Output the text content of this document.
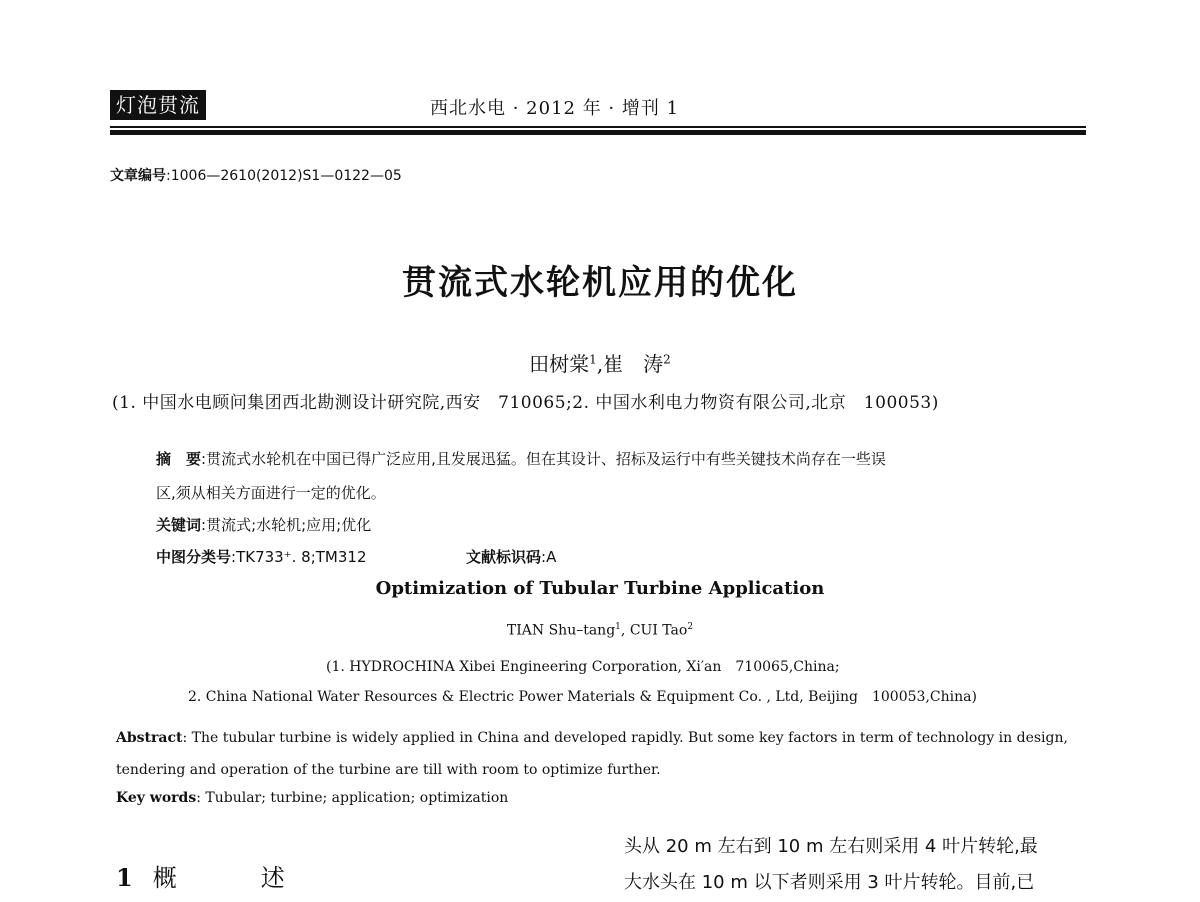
灯泡贯流	西北水电 · 2012 年 · 增刊 1
文章编号:1006—2610(2012)S1—0122—05
贯流式水轮机应用的优化
田树棠$^1$,崔　涛$^2$
(1. 中国水电顾问集团西北勘测设计研究院,西安　710065;2. 中国水利电力物资有限公司,北京　100053)
摘　要:贯流式水轮机在中国已得广泛应用,且发展迅猛。但在其设计、招标及运行中有些关键技术尚存在一些误
区,须从相关方面进行一定的优化。
关键词:贯流式;水轮机;应用;优化
中图分类号:TK733⁺. 8;TM312	文献标识码:A
Optimization of Tubular Turbine Application
TIAN Shu–tang$^1$, CUI Tao$^2$
(1. HYDROCHINA Xibei Engineering Corporation, Xi′an　710065,China;
2. China National Water Resources & Electric Power Materials & Equipment Co. , Ltd, Beijing　100053,China)
Abstract: The tubular turbine is widely applied in China and developed rapidly. But some key factors in term of technology in design, tendering and operation of the turbine are till with room to optimize further.
Key words: Tubular; turbine; application; optimization
1 概　述
头从 20 m 左右到 10 m 左右则采用 4 叶片转轮,最
大水头在 10 m 以下者则采用 3 叶片转轮。目前,已
